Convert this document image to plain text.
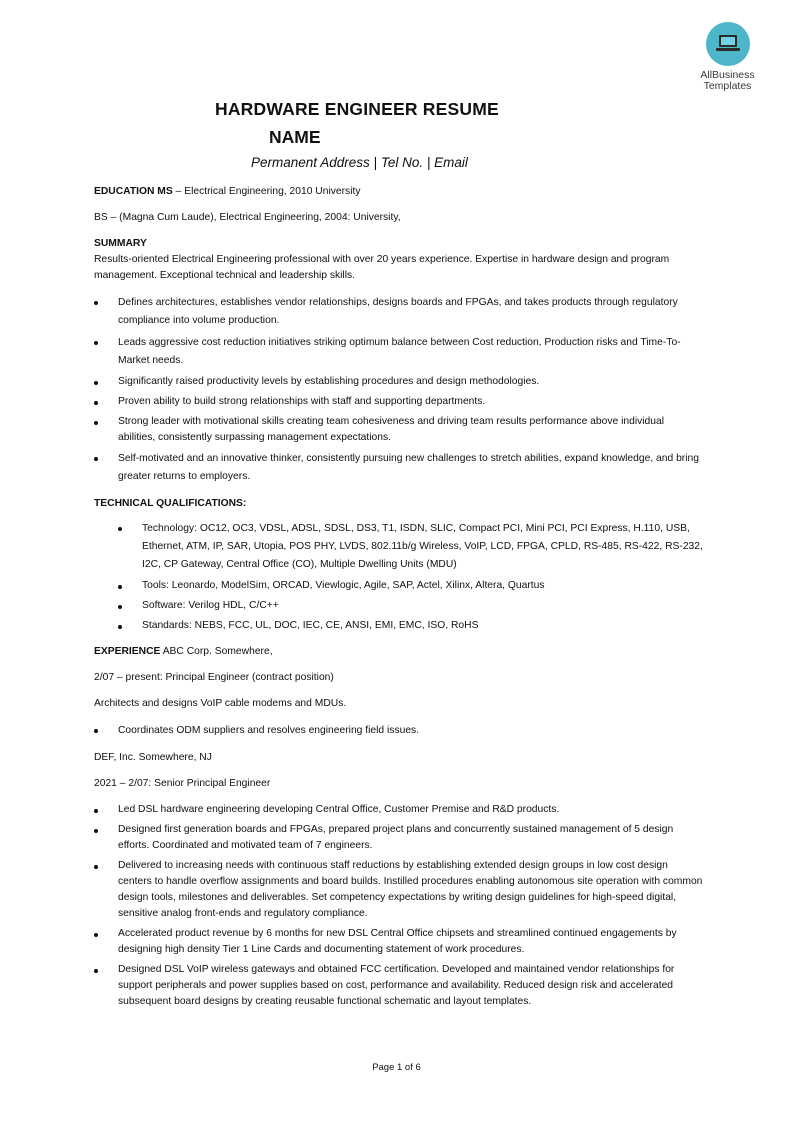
AllBusiness
Templates
HARDWARE ENGINEER RESUME
NAME
Permanent Address | Tel No. | Email

EDUCATION MS – Electrical Engineering, 2010 University

BS – (Magna Cum Laude), Electrical Engineering, 2004: University,

SUMMARY

Results-oriented Electrical Engineering professional with over 20 years experience. Expertise in hardware design and program management. Exceptional technical and leadership skills.

Defines architectures, establishes vendor relationships, designs boards and FPGAs, and takes products through regulatory compliance into volume production.
Leads aggressive cost reduction initiatives striking optimum balance between Cost reduction, Production risks and Time-To-Market needs.
Significantly raised productivity levels by establishing procedures and design methodologies.
Proven ability to build strong relationships with staff and supporting departments.
Strong leader with motivational skills creating team cohesiveness and driving team results performance above individual abilities, consistently surpassing management expectations.
Self-motivated and an innovative thinker, consistently pursuing new challenges to stretch abilities, expand knowledge, and bring greater returns to employers.

TECHNICAL QUALIFICATIONS:

Technology: OC12, OC3, VDSL, ADSL, SDSL, DS3, T1, ISDN, SLIC, Compact PCI, Mini PCI, PCI Express, H.110, USB, Ethernet, ATM, IP, SAR, Utopia, POS PHY, LVDS, 802.11b/g Wireless, VoIP, LCD, FPGA, CPLD, RS-485, RS-422, RS-232, I2C, CP Gateway, Central Office (CO), Multiple Dwelling Units (MDU)
Tools: Leonardo, ModelSim, ORCAD, Viewlogic, Agile, SAP, Actel, Xilinx, Altera, Quartus
Software: Verilog HDL, C/C++
Standards: NEBS, FCC, UL, DOC, IEC, CE, ANSI, EMI, EMC, ISO, RoHS

EXPERIENCE ABC Corp. Somewhere,

2/07 – present: Principal Engineer (contract position)

Architects and designs VoIP cable modems and MDUs.

Coordinates ODM suppliers and resolves engineering field issues.

DEF, Inc. Somewhere, NJ

2021 – 2/07: Senior Principal Engineer

Led DSL hardware engineering developing Central Office, Customer Premise and R&D products.
Designed first generation boards and FPGAs, prepared project plans and concurrently sustained management of 5 design efforts. Coordinated and motivated team of 7 engineers.
Delivered to increasing needs with continuous staff reductions by establishing extended design groups in low cost design centers to handle overflow assignments and board builds. Instilled procedures enabling autonomous site operation with common design tools, milestones and deliverables. Set competency expectations by writing design guidelines for high-speed digital, sensitive analog front-ends and regulatory compliance.
Accelerated product revenue by 6 months for new DSL Central Office chipsets and streamlined continued engagements by designing high density Tier 1 Line Cards and documenting statement of work procedures.
Designed DSL VoIP wireless gateways and obtained FCC certification. Developed and maintained vendor relationships for support peripherals and power supplies based on cost, performance and availability. Reduced design risk and accelerated subsequent board designs by creating reusable functional schematic and layout templates.
Page 1 of 6
